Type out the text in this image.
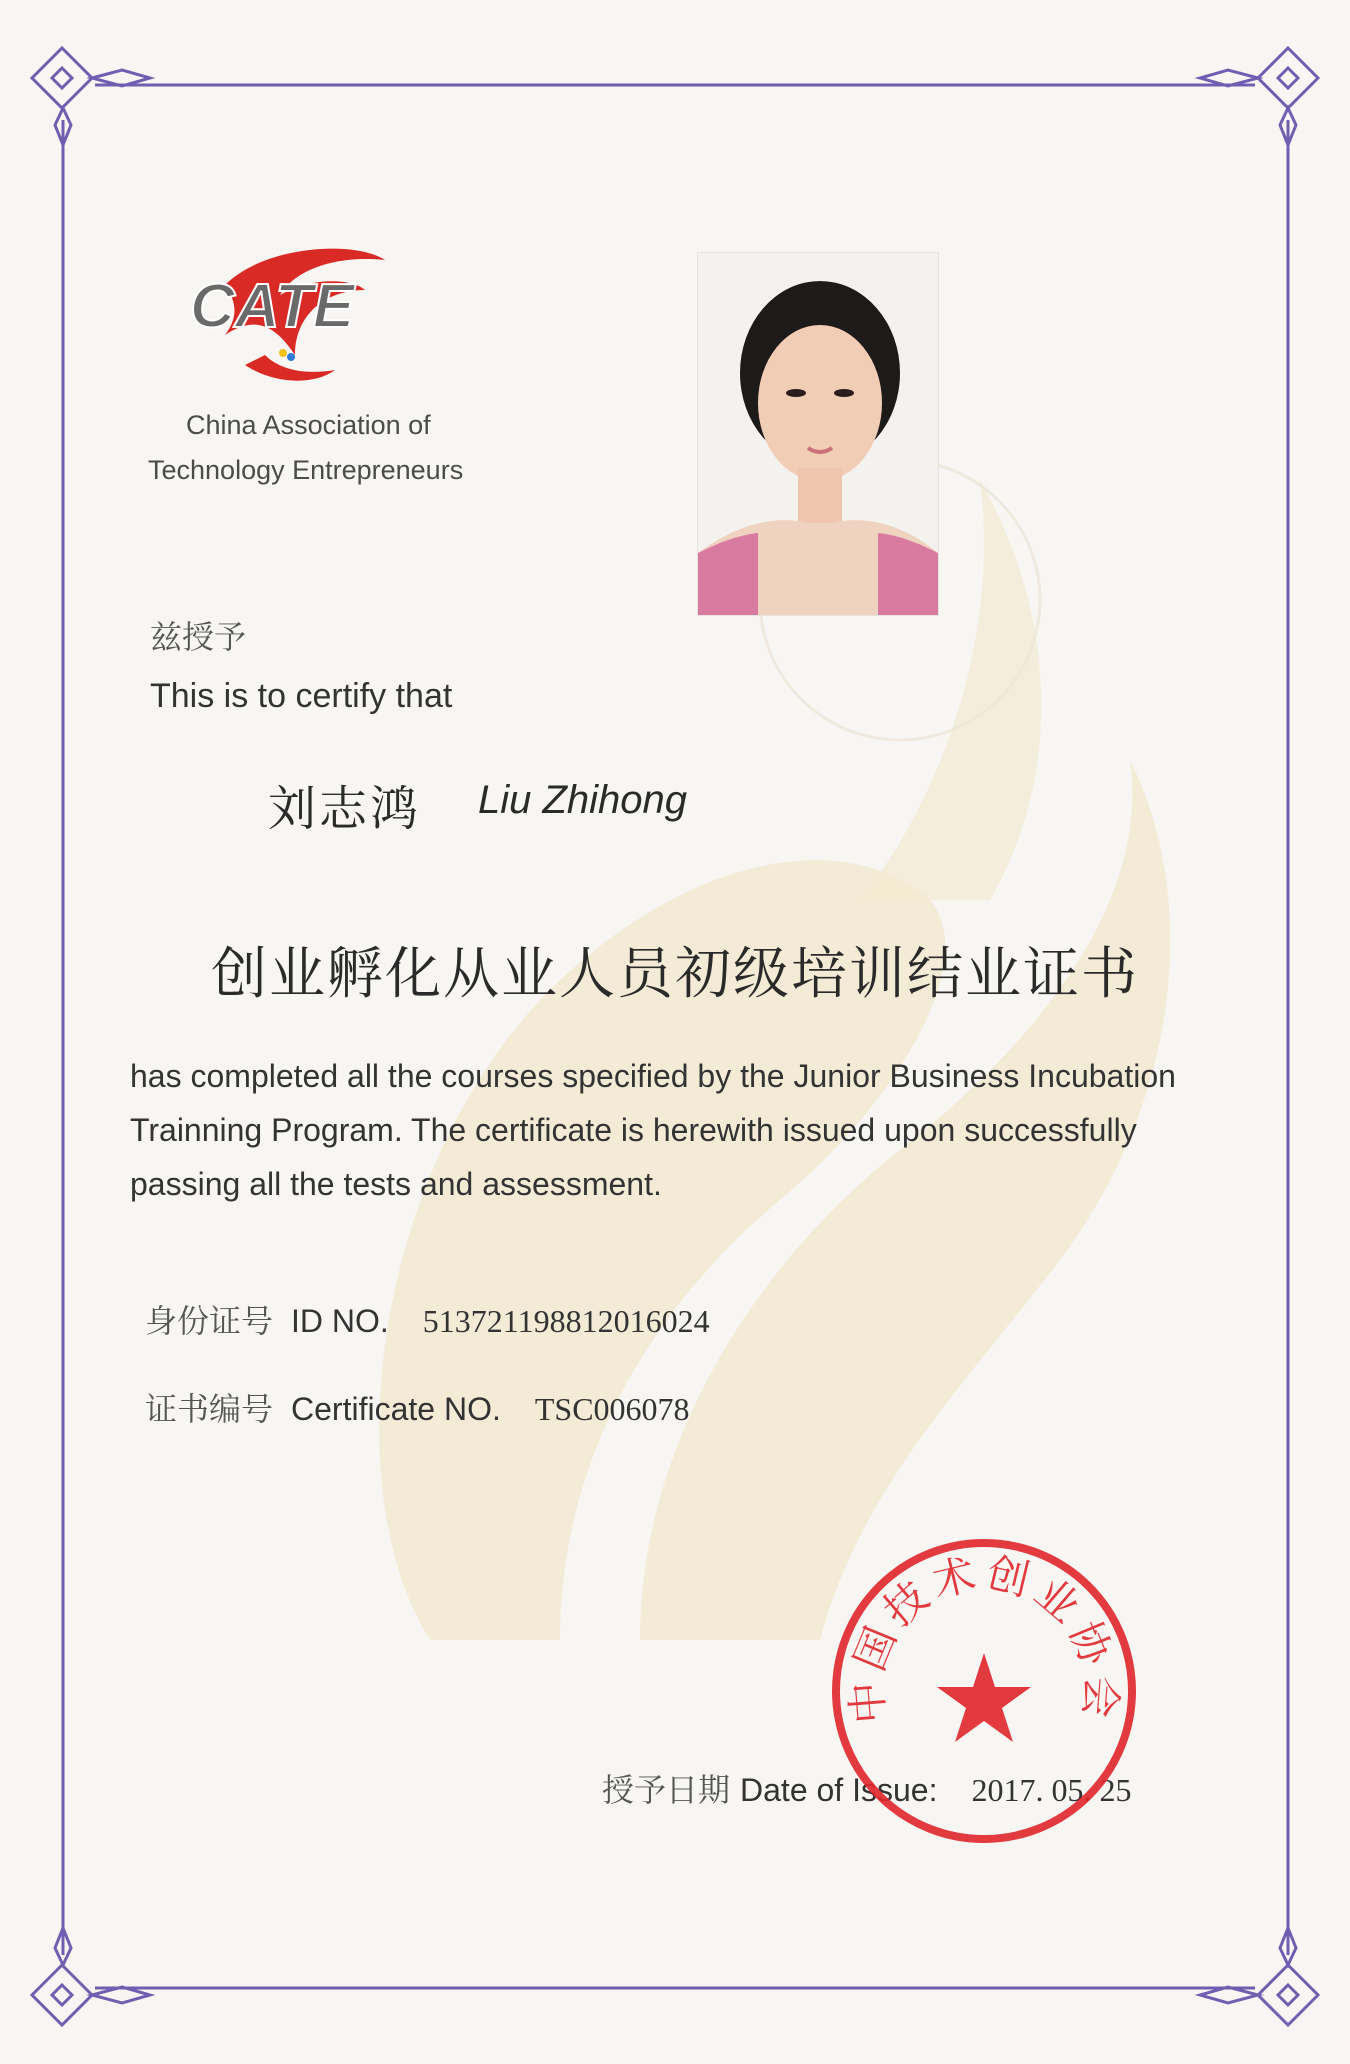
CATE
China Association of
Technology Entrepreneurs
兹授予
This is to certify that
刘志鸿 Liu Zhihong
创业孵化从业人员初级培训结业证书
has completed all the courses specified by the Junior Business Incubation
Trainning Program. The certificate is herewith issued upon successfully
passing all the tests and assessment.
身份证号 ID NO. 513721198812016024
证书编号 Certificate NO. TSC006078
授予日期 Date of Issue: 2017. 05. 25
中国技术创业协会
